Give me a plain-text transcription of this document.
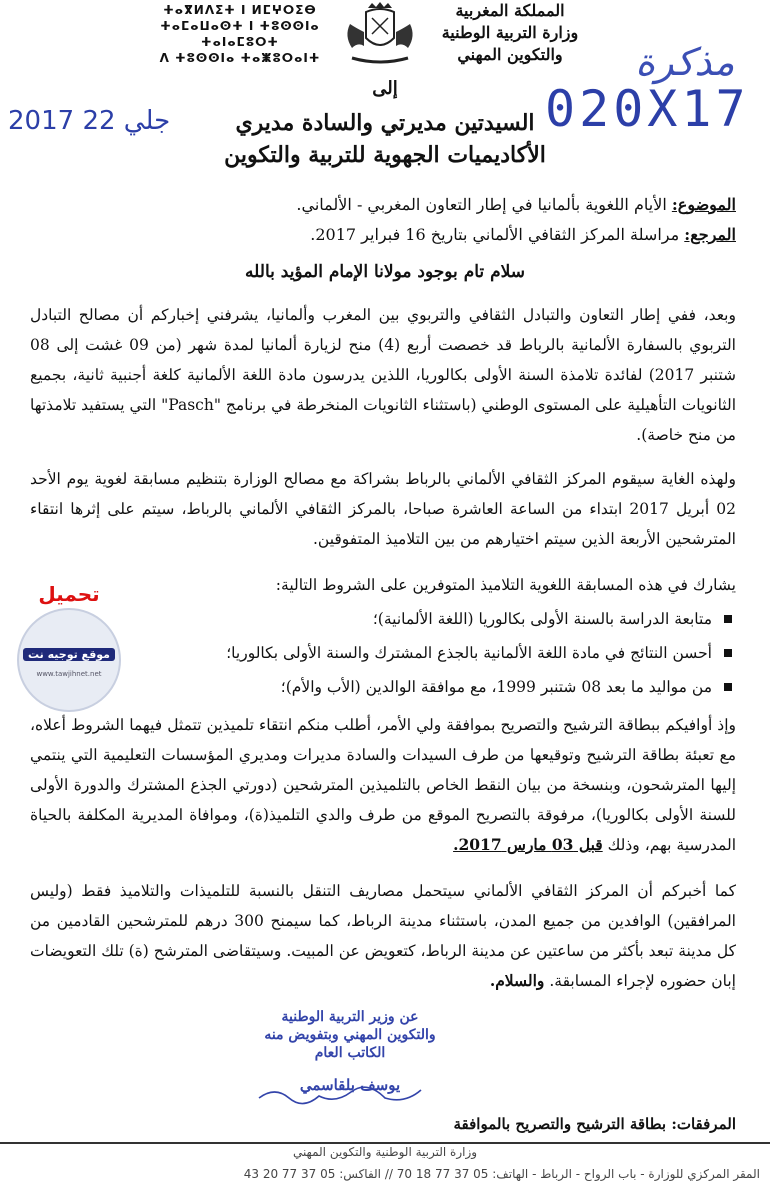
ⵜⴰⴳⵍⴷⵉⵜ ⵏ ⵍⵎⵖⵔⵉⴱ
ⵜⴰⵎⴰⵡⴰⵙⵜ ⵏ ⵜⵓⵙⵙⵏⴰ ⵜⴰⵏⴰⵎⵓⵔⵜ
ⴷ ⵜⵓⵙⵙⵏⴰ ⵜⴰⵥⵓⵔⴰⵏⵜ
المملكة المغربية
وزارة التربية الوطنية
والتكوين المهني	مذكرة
020X17
2017 جلي 22
إلى
السيدتين مديرتي والسادة مديري
الأكاديميات الجهوية للتربية والتكوين
الموضوع: الأيام اللغوية بألمانيا في إطار التعاون المغربي - الألماني.
المرجع: مراسلة المركز الثقافي الألماني بتاريخ 16 فبراير 2017.
سلام تام بوجود مولانا الإمام المؤيد بالله
وبعد، ففي إطار التعاون والتبادل الثقافي والتربوي بين المغرب وألمانيا، يشرفني إخباركم أن مصالح التبادل التربوي بالسفارة الألمانية بالرباط قد خصصت أربع (4) منح لزيارة ألمانيا لمدة شهر (من 09 غشت إلى 08 شتنبر 2017) لفائدة تلامذة السنة الأولى بكالوريا، اللذين يدرسون مادة اللغة الألمانية كلغة أجنبية ثانية، بجميع الثانويات التأهيلية على المستوى الوطني (باستثناء الثانويات المنخرطة في برنامج "Pasch" التي يستفيد تلامذتها من منح خاصة).
ولهذه الغاية سيقوم المركز الثقافي الألماني بالرباط بشراكة مع مصالح الوزارة بتنظيم مسابقة لغوية يوم الأحد 02 أبريل 2017 ابتداء من الساعة العاشرة صباحا، بالمركز الثقافي الألماني بالرباط، سيتم على إثرها انتقاء المترشحين الأربعة الذين سيتم اختيارهم من بين التلاميذ المتفوقين.
يشارك في هذه المسابقة اللغوية التلاميذ المتوفرين على الشروط التالية:
متابعة الدراسة بالسنة الأولى بكالوريا (اللغة الألمانية)؛
أحسن النتائج في مادة اللغة الألمانية بالجذع المشترك والسنة الأولى بكالوريا؛
من مواليد ما بعد 08 شتنبر 1999، مع موافقة الوالدين (الأب والأم)؛
تحميل
موقع توجيه نت
www.tawjihnet.net
وإذ أوافيكم ببطاقة الترشيح والتصريح بموافقة ولي الأمر، أطلب منكم انتقاء تلميذين تتمثل فيهما الشروط أعلاه، مع تعبئة بطاقة الترشيح وتوقيعها من طرف السيدات والسادة مديرات ومديري المؤسسات التعليمية التي ينتمي إليها المترشحون، وبنسخة من بيان النقط الخاص بالتلميذين المترشحين (دورتي الجذع المشترك والدورة الأولى للسنة الأولى بكالوريا)، مرفوقة بالتصريح الموقع من طرف والدي التلميذ(ة)، وموافاة المديرية المكلفة بالحياة المدرسية بهم، وذلك قبل 03 مارس 2017.
كما أخبركم أن المركز الثقافي الألماني سيتحمل مصاريف التنقل بالنسبة للتلميذات والتلاميذ فقط (وليس المرافقين) الوافدين من جميع المدن، باستثناء مدينة الرباط، كما سيمنح 300 درهم للمترشحين القادمين من كل مدينة تبعد بأكثر من ساعتين عن مدينة الرباط، كتعويض عن المبيت. وسيتقاضى المترشح (ة) تلك التعويضات إبان حضوره لإجراء المسابقة. والسلام.
عن وزير التربية الوطنية
والتكوين المهني وبتفويض منه
الكاتب العام
يوسف بلقاسمي
المرفقات: بطاقة الترشيح والتصريح بالموافقة
وزارة التربية الوطنية والتكوين المهني
المقر المركزي للوزارة - باب الرواح - الرباط - الهاتف: 05 37 77 18 70 // الفاكس: 05 37 77 20 43
